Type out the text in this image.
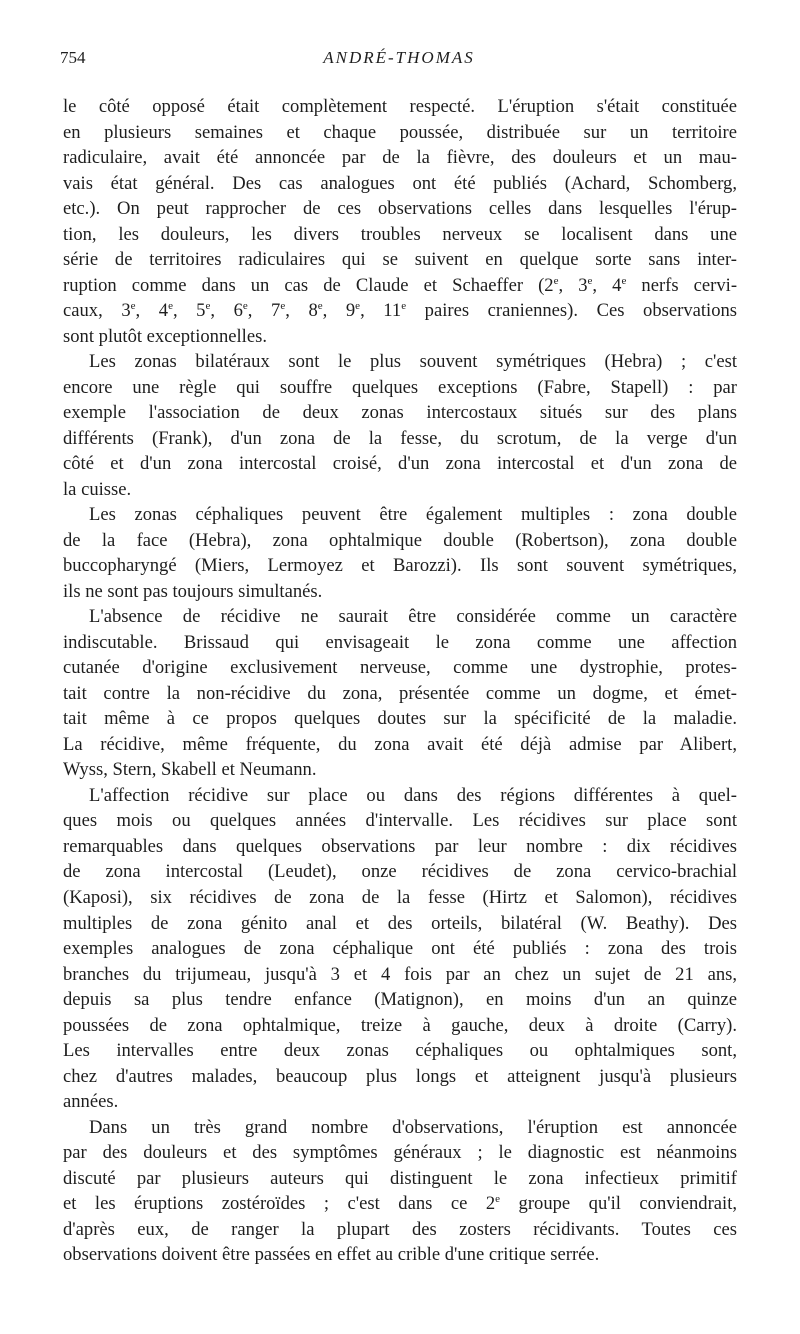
754	ANDRÉ-THOMAS
le côté opposé était complètement respecté. L'éruption s'était constituée
en plusieurs semaines et chaque poussée, distribuée sur un territoire
radiculaire, avait été annoncée par de la fièvre, des douleurs et un mau-
vais état général. Des cas analogues ont été publiés (Achard, Schomberg,
etc.). On peut rapprocher de ces observations celles dans lesquelles l'érup-
tion, les douleurs, les divers troubles nerveux se localisent dans une
série de territoires radiculaires qui se suivent en quelque sorte sans inter-
ruption comme dans un cas de Claude et Schaeffer (2e, 3e, 4e nerfs cervi-
caux, 3e, 4e, 5e, 6e, 7e, 8e, 9e, 11e paires craniennes). Ces observations
sont plutôt exceptionnelles.
Les zonas bilatéraux sont le plus souvent symétriques (Hebra) ; c'est
encore une règle qui souffre quelques exceptions (Fabre, Stapell) : par
exemple l'association de deux zonas intercostaux situés sur des plans
différents (Frank), d'un zona de la fesse, du scrotum, de la verge d'un
côté et d'un zona intercostal croisé, d'un zona intercostal et d'un zona de
la cuisse.
Les zonas céphaliques peuvent être également multiples : zona double
de la face (Hebra), zona ophtalmique double (Robertson), zona double
buccopharyngé (Miers, Lermoyez et Barozzi). Ils sont souvent symétriques,
ils ne sont pas toujours simultanés.
L'absence de récidive ne saurait être considérée comme un caractère
indiscutable. Brissaud qui envisageait le zona comme une affection
cutanée d'origine exclusivement nerveuse, comme une dystrophie, protes-
tait contre la non-récidive du zona, présentée comme un dogme, et émet-
tait même à ce propos quelques doutes sur la spécificité de la maladie.
La récidive, même fréquente, du zona avait été déjà admise par Alibert,
Wyss, Stern, Skabell et Neumann.
L'affection récidive sur place ou dans des régions différentes à quel-
ques mois ou quelques années d'intervalle. Les récidives sur place sont
remarquables dans quelques observations par leur nombre : dix récidives
de zona intercostal (Leudet), onze récidives de zona cervico-brachial
(Kaposi), six récidives de zona de la fesse (Hirtz et Salomon), récidives
multiples de zona génito anal et des orteils, bilatéral (W. Beathy). Des
exemples analogues de zona céphalique ont été publiés : zona des trois
branches du trijumeau, jusqu'à 3 et 4 fois par an chez un sujet de 21 ans,
depuis sa plus tendre enfance (Matignon), en moins d'un an quinze
poussées de zona ophtalmique, treize à gauche, deux à droite (Carry).
Les intervalles entre deux zonas céphaliques ou ophtalmiques sont,
chez d'autres malades, beaucoup plus longs et atteignent jusqu'à plusieurs
années.
Dans un très grand nombre d'observations, l'éruption est annoncée
par des douleurs et des symptômes généraux ; le diagnostic est néanmoins
discuté par plusieurs auteurs qui distinguent le zona infectieux primitif
et les éruptions zostéroïdes ; c'est dans ce 2e groupe qu'il conviendrait,
d'après eux, de ranger la plupart des zosters récidivants. Toutes ces
observations doivent être passées en effet au crible d'une critique serrée.
